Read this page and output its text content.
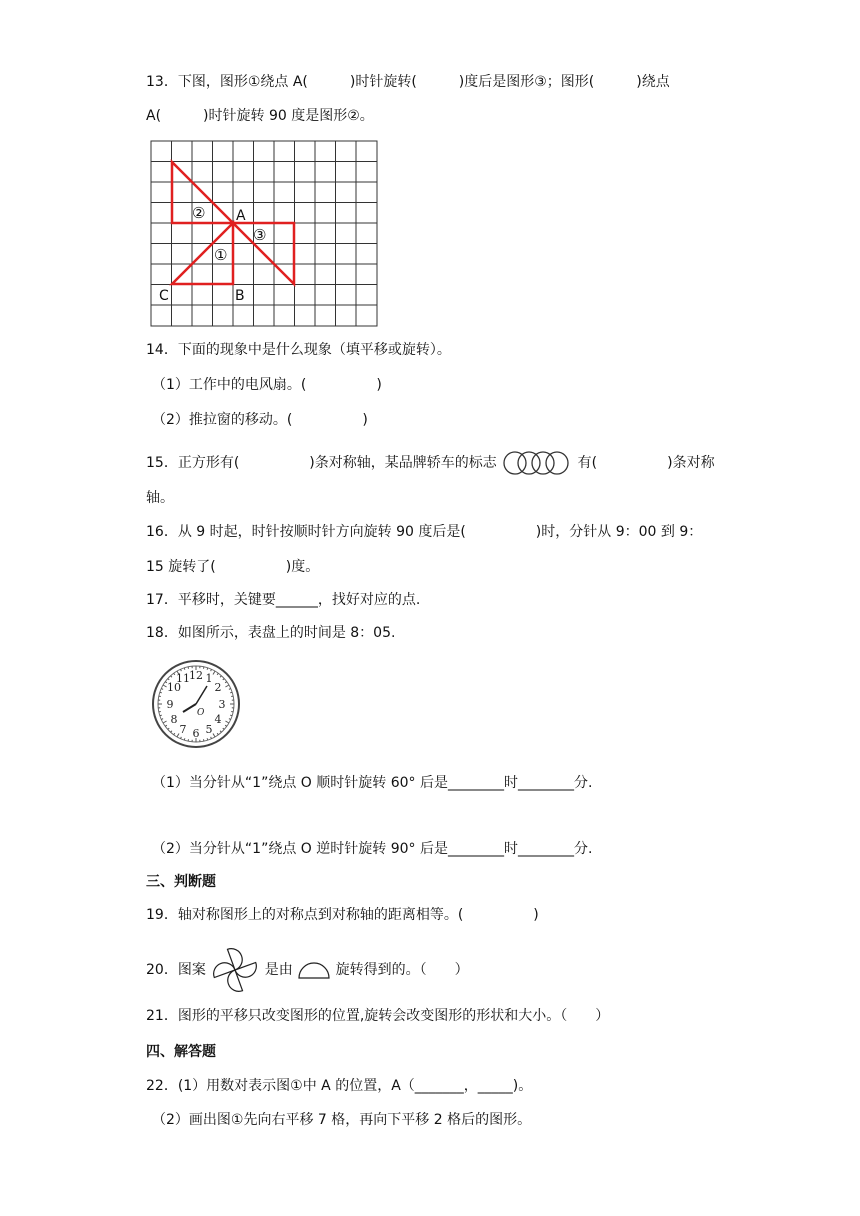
13．下图，图形①绕点 A(　　　)时针旋转(　　　)度后是图形③；图形(　　　)绕点
A(　　　)时针旋转 90 度是图形②。
A
B
C
①
②
③
14．下面的现象中是什么现象（填平移或旋转）。
（1）工作中的电风扇。(　　　　　)
（2）推拉窗的移动。(　　　　　)
15．正方形有(　　　　　)条对称轴，某品牌轿车的标志	有(　　　　　)条对称
轴。
16．从 9 时起，时针按顺时针方向旋转 90 度后是(　　　　　)时，分针从 9：00 到 9：
15 旋转了(　　　　　)度。
17．平移时，关键要______，找好对应的点.
18．如图所示，表盘上的时间是 8：05.
12 1
2
3
4
5
6
7
8
9
10
11
O
（1）当分针从“1”绕点 O 顺时针旋转 60° 后是________时________分.
（2）当分针从“1”绕点 O 逆时针旋转 90° 后是________时________分.
三、判断题
19．轴对称图形上的对称点到对称轴的距离相等。(　　　　　)
20．图案	是由	旋转得到的。（　　）
21．图形的平移只改变图形的位置,旋转会改变图形的形状和大小。（　　）
四、解答题
22．(1）用数对表示图①中 A 的位置，A（_______，_____)。
（2）画出图①先向右平移 7 格，再向下平移 2 格后的图形。
